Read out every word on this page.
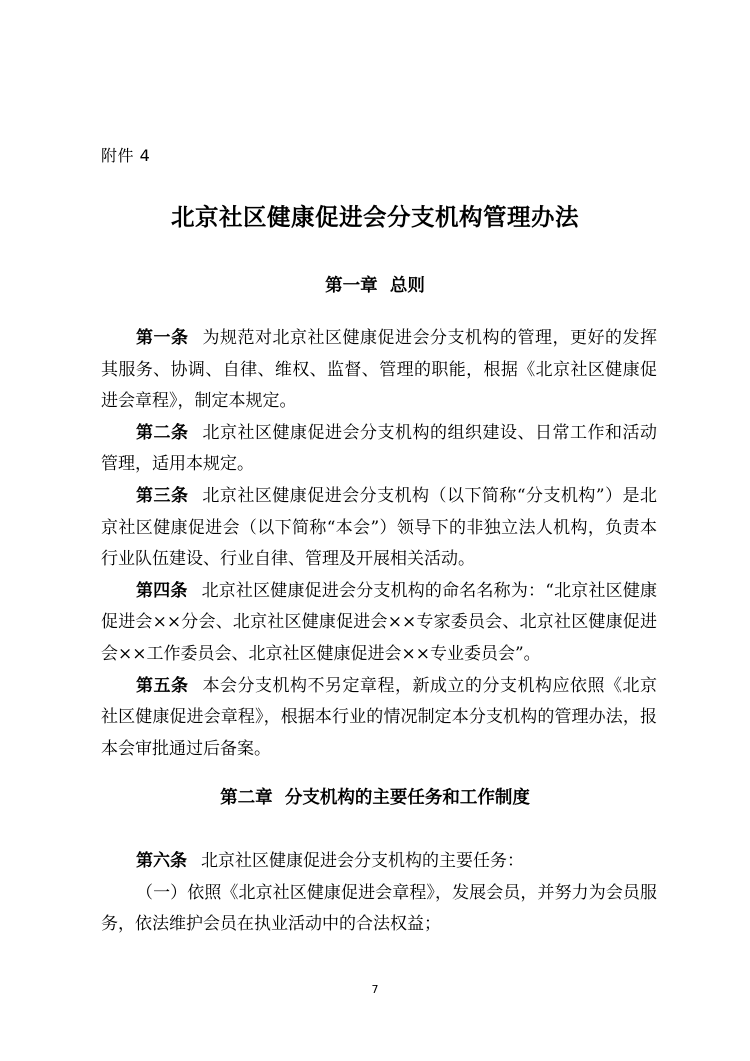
附件 4
北京社区健康促进会分支机构管理办法
第一章  总则

第一条 为规范对北京社区健康促进会分支机构的管理，更好的发挥其服务、协调、自律、维权、监督、管理的职能，根据《北京社区健康促进会章程》，制定本规定。

第二条 北京社区健康促进会分支机构的组织建设、日常工作和活动管理，适用本规定。

第三条 北京社区健康促进会分支机构（以下简称“分支机构”）是北京社区健康促进会（以下简称“本会”）领导下的非独立法人机构，负责本行业队伍建设、行业自律、管理及开展相关活动。

第四条 北京社区健康促进会分支机构的命名名称为：“北京社区健康促进会××分会、北京社区健康促进会××专家委员会、北京社区健康促进会××工作委员会、北京社区健康促进会××专业委员会”。

第五条 本会分支机构不另定章程，新成立的分支机构应依照《北京社区健康促进会章程》，根据本行业的情况制定本分支机构的管理办法，报本会审批通过后备案。

第二章  分支机构的主要任务和工作制度

第六条 北京社区健康促进会分支机构的主要任务：

（一）依照《北京社区健康促进会章程》，发展会员，并努力为会员服务，依法维护会员在执业活动中的合法权益；

7
